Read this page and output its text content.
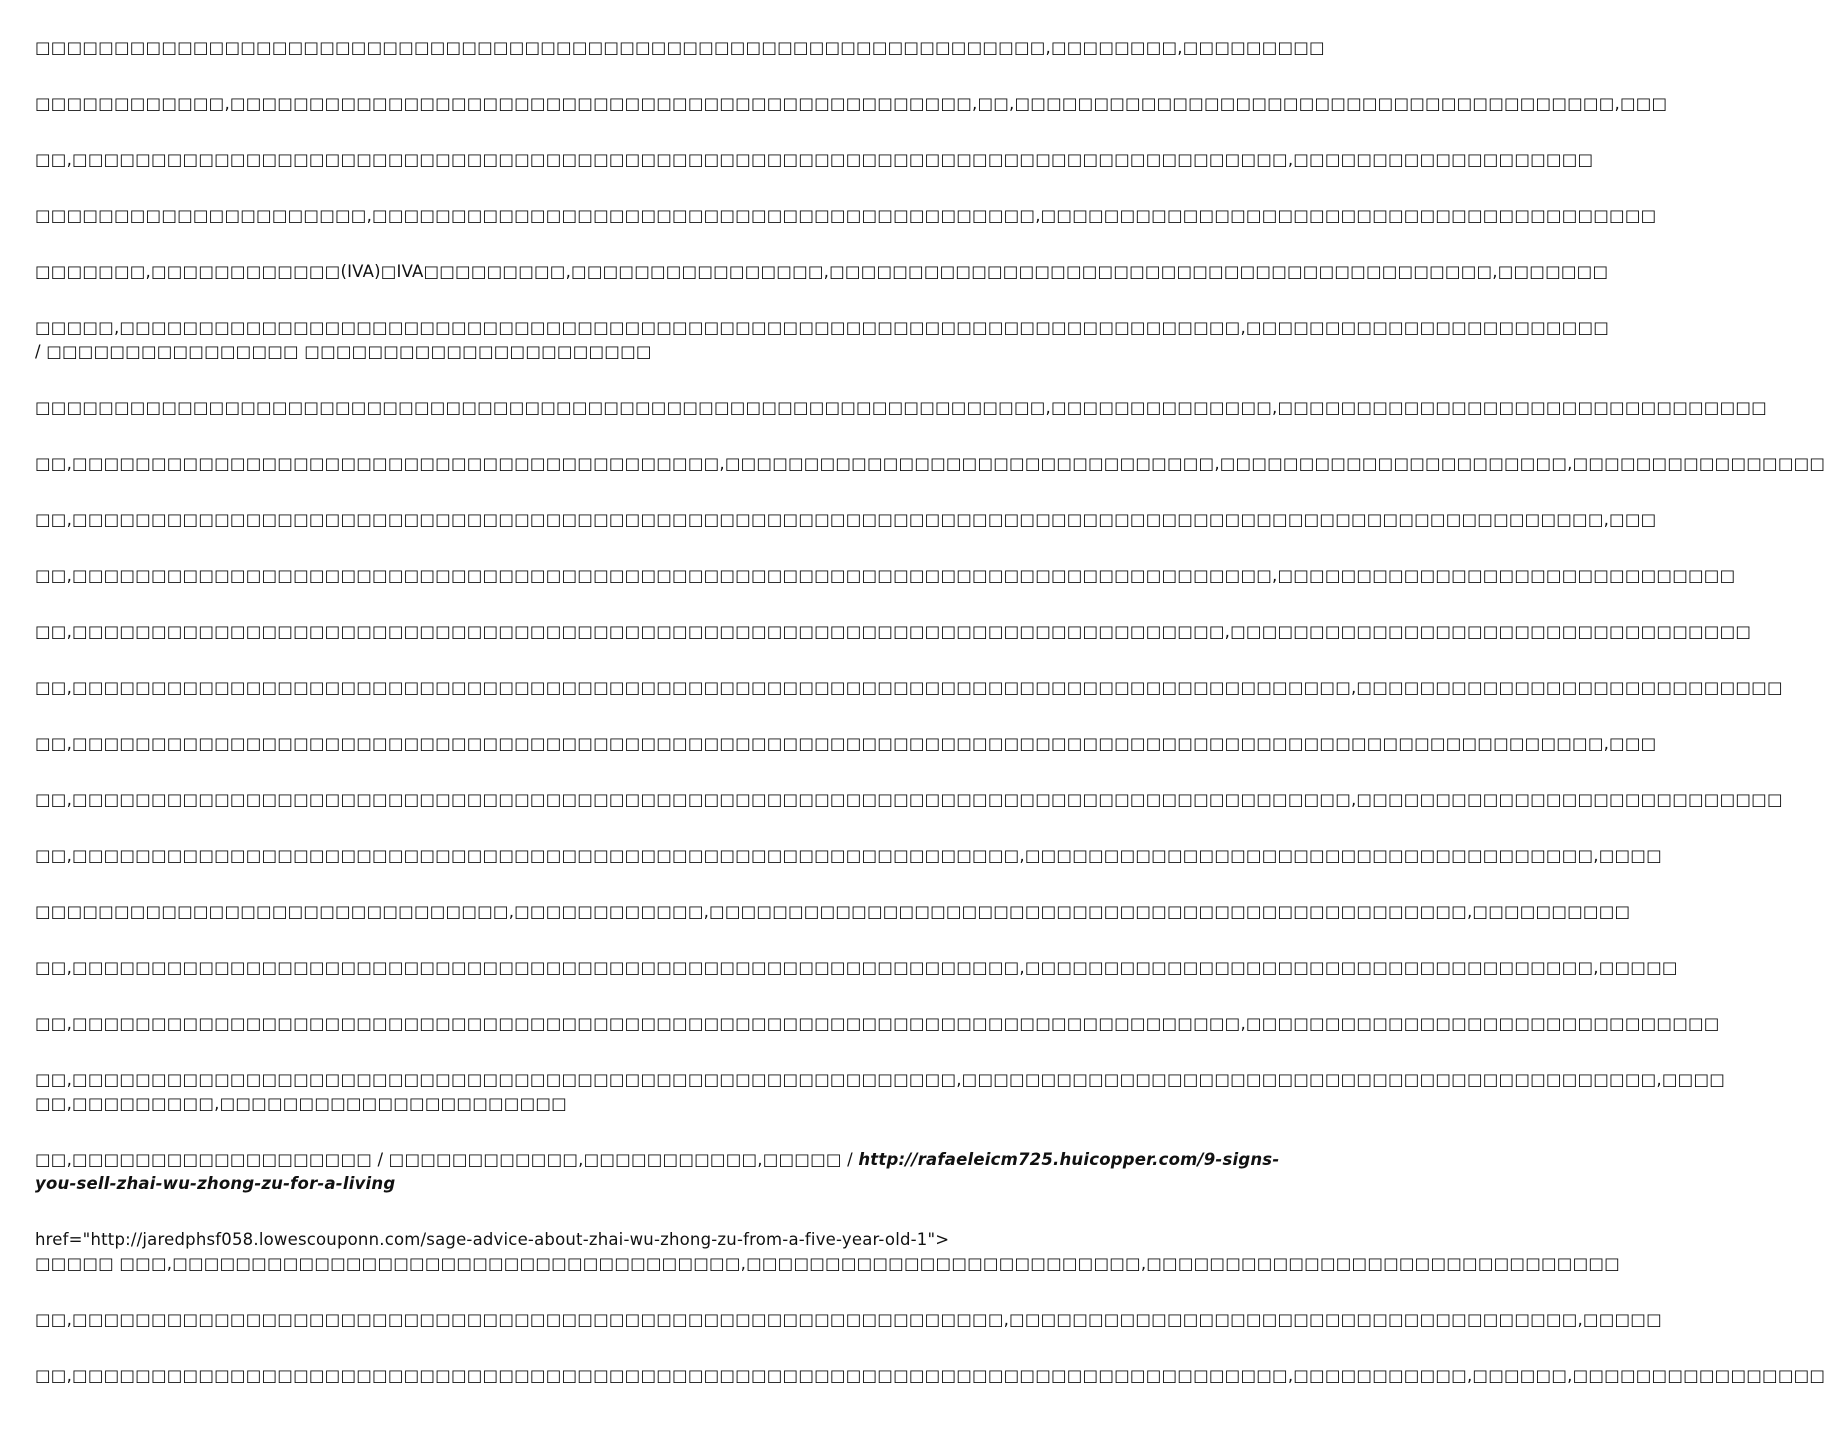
□□□□□□□□□□□□□□□□□□□□□□□□□□□□□□□□□□□□□□□□□□□□□□□□□□□□□□□□□□□□□□□□,□□□□□□□□,□□□□□□□□□

□□□□□□□□□□□□,□□□□□□□□□□□□□□□□□□□□□□□□□□□□□□□□□□□□□□□□□□□□□□□,□□,□□□□□□□□□□□□□□□□□□□□□□□□□□□□□□□□□□□□□□,□□□

□□,□□□□□□□□□□□□□□□□□□□□□□□□□□□□□□□□□□□□□□□□□□□□□□□□□□□□□□□□□□□□□□□□□□□□□□□□□□□□□,□□□□□□□□□□□□□□□□□□□

□□□□□□□□□□□□□□□□□□□□□,□□□□□□□□□□□□□□□□□□□□□□□□□□□□□□□□□□□□□□□□□□,□□□□□□□□□□□□□□□□□□□□□□□□□□□□□□□□□□□□□□□

□□□□□□□,□□□□□□□□□□□□(IVA)□IVA□□□□□□□□□,□□□□□□□□□□□□□□□□,□□□□□□□□□□□□□□□□□□□□□□□□□□□□□□□□□□□□□□□□□□,□□□□□□□

□□□□□,□□□□□□□□□□□□□□□□□□□□□□□□□□□□□□□□□□□□□□□□□□□□□□□□□□□□□□□□□□□□□□□□□□□□□□□,□□□□□□□□□□□□□□□□□□□□□□□
/ □□□□□□□□□□□□□□□□ □□□□□□□□□□□□□□□□□□□□□□

□□□□□□□□□□□□□□□□□□□□□□□□□□□□□□□□□□□□□□□□□□□□□□□□□□□□□□□□□□□□□□□□,□□□□□□□□□□□□□□,□□□□□□□□□□□□□□□□□□□□□□□□□□□□□□□

□□,□□□□□□□□□□□□□□□□□□□□□□□□□□□□□□□□□□□□□□□□□,□□□□□□□□□□□□□□□□□□□□□□□□□□□□□□□,□□□□□□□□□□□□□□□□□□□□□□,□□□□□□□□□□□□□□□□

□□,□□□□□□□□□□□□□□□□□□□□□□□□□□□□□□□□□□□□□□□□□□□□□□□□□□□□□□□□□□□□□□□□□□□□□□□□□□□□□□□□□□□□□□□□□□□□□□□□□,□□□

□□,□□□□□□□□□□□□□□□□□□□□□□□□□□□□□□□□□□□□□□□□□□□□□□□□□□□□□□□□□□□□□□□□□□□□□□□□□□□□,□□□□□□□□□□□□□□□□□□□□□□□□□□□□□

□□,□□□□□□□□□□□□□□□□□□□□□□□□□□□□□□□□□□□□□□□□□□□□□□□□□□□□□□□□□□□□□□□□□□□□□□□□□,□□□□□□□□□□□□□□□□□□□□□□□□□□□□□□□□□

□□,□□□□□□□□□□□□□□□□□□□□□□□□□□□□□□□□□□□□□□□□□□□□□□□□□□□□□□□□□□□□□□□□□□□□□□□□□□□□□□□□□,□□□□□□□□□□□□□□□□□□□□□□□□□□□

□□,□□□□□□□□□□□□□□□□□□□□□□□□□□□□□□□□□□□□□□□□□□□□□□□□□□□□□□□□□□□□□□□□□□□□□□□□□□□□□□□□□□□□□□□□□□□□□□□□□,□□□

□□,□□□□□□□□□□□□□□□□□□□□□□□□□□□□□□□□□□□□□□□□□□□□□□□□□□□□□□□□□□□□□□□□□□□□□□□□□□□□□□□□□,□□□□□□□□□□□□□□□□□□□□□□□□□□□

□□,□□□□□□□□□□□□□□□□□□□□□□□□□□□□□□□□□□□□□□□□□□□□□□□□□□□□□□□□□□□□,□□□□□□□□□□□□□□□□□□□□□□□□□□□□□□□□□□□□,□□□□

□□□□□□□□□□□□□□□□□□□□□□□□□□□□□□,□□□□□□□□□□□□,□□□□□□□□□□□□□□□□□□□□□□□□□□□□□□□□□□□□□□□□□□□□□□□□,□□□□□□□□□□

□□,□□□□□□□□□□□□□□□□□□□□□□□□□□□□□□□□□□□□□□□□□□□□□□□□□□□□□□□□□□□□,□□□□□□□□□□□□□□□□□□□□□□□□□□□□□□□□□□□□,□□□□□

□□,□□□□□□□□□□□□□□□□□□□□□□□□□□□□□□□□□□□□□□□□□□□□□□□□□□□□□□□□□□□□□□□□□□□□□□□□□□,□□□□□□□□□□□□□□□□□□□□□□□□□□□□□□

□□,□□□□□□□□□□□□□□□□□□□□□□□□□□□□□□□□□□□□□□□□□□□□□□□□□□□□□□□□,□□□□□□□□□□□□□□□□□□□□□□□□□□□□□□□□□□□□□□□□□□□□,□□□□
□□,□□□□□□□□□,□□□□□□□□□□□□□□□□□□□□□□

□□,□□□□□□□□□□□□□□□□□□□ / □□□□□□□□□□□□,□□□□□□□□□□□,□□□□□ / http://rafaeleicm725.huicopper.com/9-signs-
you-sell-zhai-wu-zhong-zu-for-a-living

href="http://jaredphsf058.lowescouponn.com/sage-advice-about-zhai-wu-zhong-zu-from-a-five-year-old-1">
□□□□□ □□□,□□□□□□□□□□□□□□□□□□□□□□□□□□□□□□□□□□□□,□□□□□□□□□□□□□□□□□□□□□□□□□,□□□□□□□□□□□□□□□□□□□□□□□□□□□□□□

□□,□□□□□□□□□□□□□□□□□□□□□□□□□□□□□□□□□□□□□□□□□□□□□□□□□□□□□□□□□□□,□□□□□□□□□□□□□□□□□□□□□□□□□□□□□□□□□□□□,□□□□□

□□,□□□□□□□□□□□□□□□□□□□□□□□□□□□□□□□□□□□□□□□□□□□□□□□□□□□□□□□□□□□□□□□□□□□□□□□□□□□□□,□□□□□□□□□□□,□□□□□□,□□□□□□□□□□□□□□□□
